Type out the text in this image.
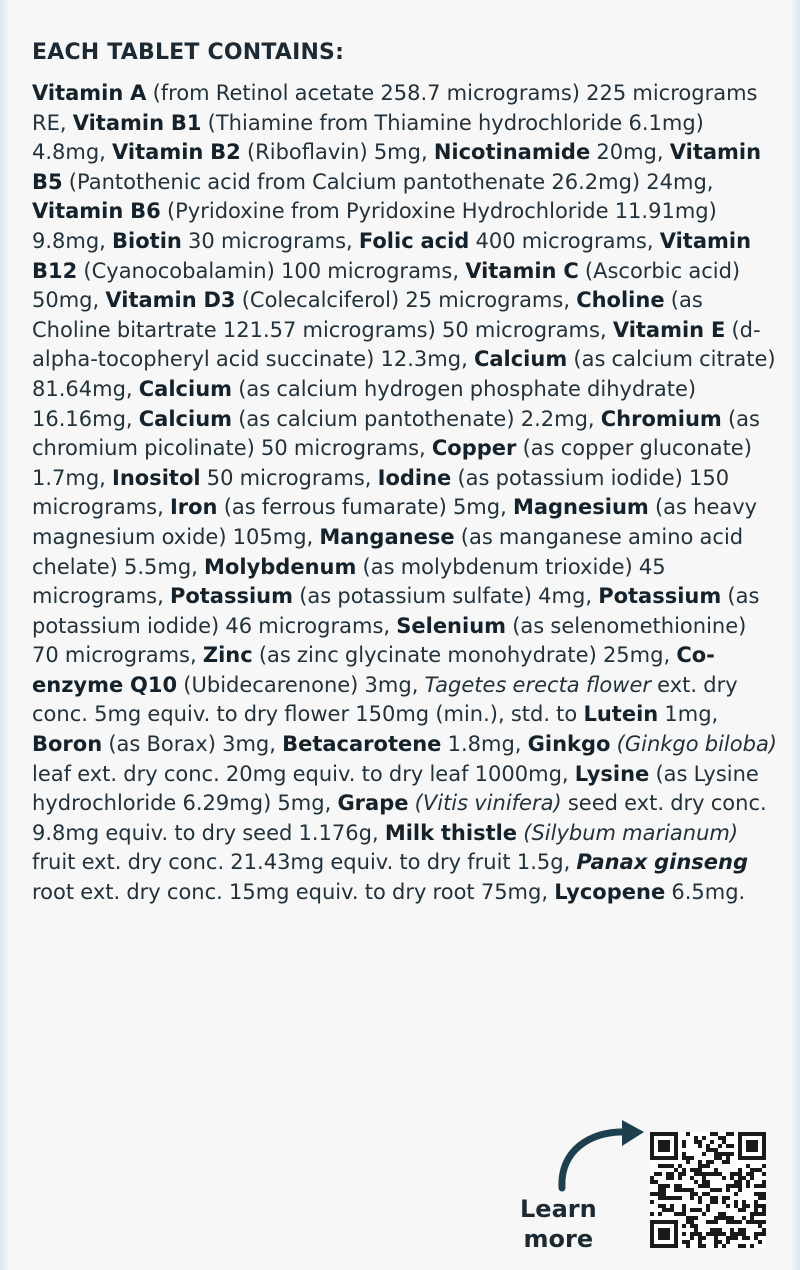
EACH TABLET CONTAINS:
Vitamin A (from Retinol acetate 258.7 micrograms) 225 micrograms RE, Vitamin B1 (Thiamine from Thiamine hydrochloride 6.1mg) 4.8mg, Vitamin B2 (Riboflavin) 5mg, Nicotinamide 20mg, Vitamin B5 (Pantothenic acid from Calcium pantothenate 26.2mg) 24mg, Vitamin B6 (Pyridoxine from Pyridoxine Hydrochloride 11.91mg) 9.8mg, Biotin 30 micrograms, Folic acid 400 micrograms, Vitamin B12 (Cyanocobalamin) 100 micrograms, Vitamin C (Ascorbic acid) 50mg, Vitamin D3 (Colecalciferol) 25 micrograms, Choline (as Choline bitartrate 121.57 micrograms) 50 micrograms, Vitamin E (d-alpha-tocopheryl acid succinate) 12.3mg, Calcium (as calcium citrate) 81.64mg, Calcium (as calcium hydrogen phosphate dihydrate) 16.16mg, Calcium (as calcium pantothenate) 2.2mg, Chromium (as chromium picolinate) 50 micrograms, Copper (as copper gluconate) 1.7mg, Inositol 50 micrograms, Iodine (as potassium iodide) 150 micrograms, Iron (as ferrous fumarate) 5mg, Magnesium (as heavy magnesium oxide) 105mg, Manganese (as manganese amino acid chelate) 5.5mg, Molybdenum (as molybdenum trioxide) 45 micrograms, Potassium (as potassium sulfate) 4mg, Potassium (as potassium iodide) 46 micrograms, Selenium (as selenomethionine) 70 micrograms, Zinc (as zinc glycinate monohydrate) 25mg, Co-enzyme Q10 (Ubidecarenone) 3mg, Tagetes erecta flower ext. dry conc. 5mg equiv. to dry flower 150mg (min.), std. to Lutein 1mg, Boron (as Borax) 3mg, Betacarotene 1.8mg, Ginkgo (Ginkgo biloba) leaf ext. dry conc. 20mg equiv. to dry leaf 1000mg, Lysine (as Lysine hydrochloride 6.29mg) 5mg, Grape (Vitis vinifera) seed ext. dry conc. 9.8mg equiv. to dry seed 1.176g, Milk thistle (Silybum marianum) fruit ext. dry conc. 21.43mg equiv. to dry fruit 1.5g, Panax ginseng root ext. dry conc. 15mg equiv. to dry root 75mg, Lycopene 6.5mg.
Learn
more
